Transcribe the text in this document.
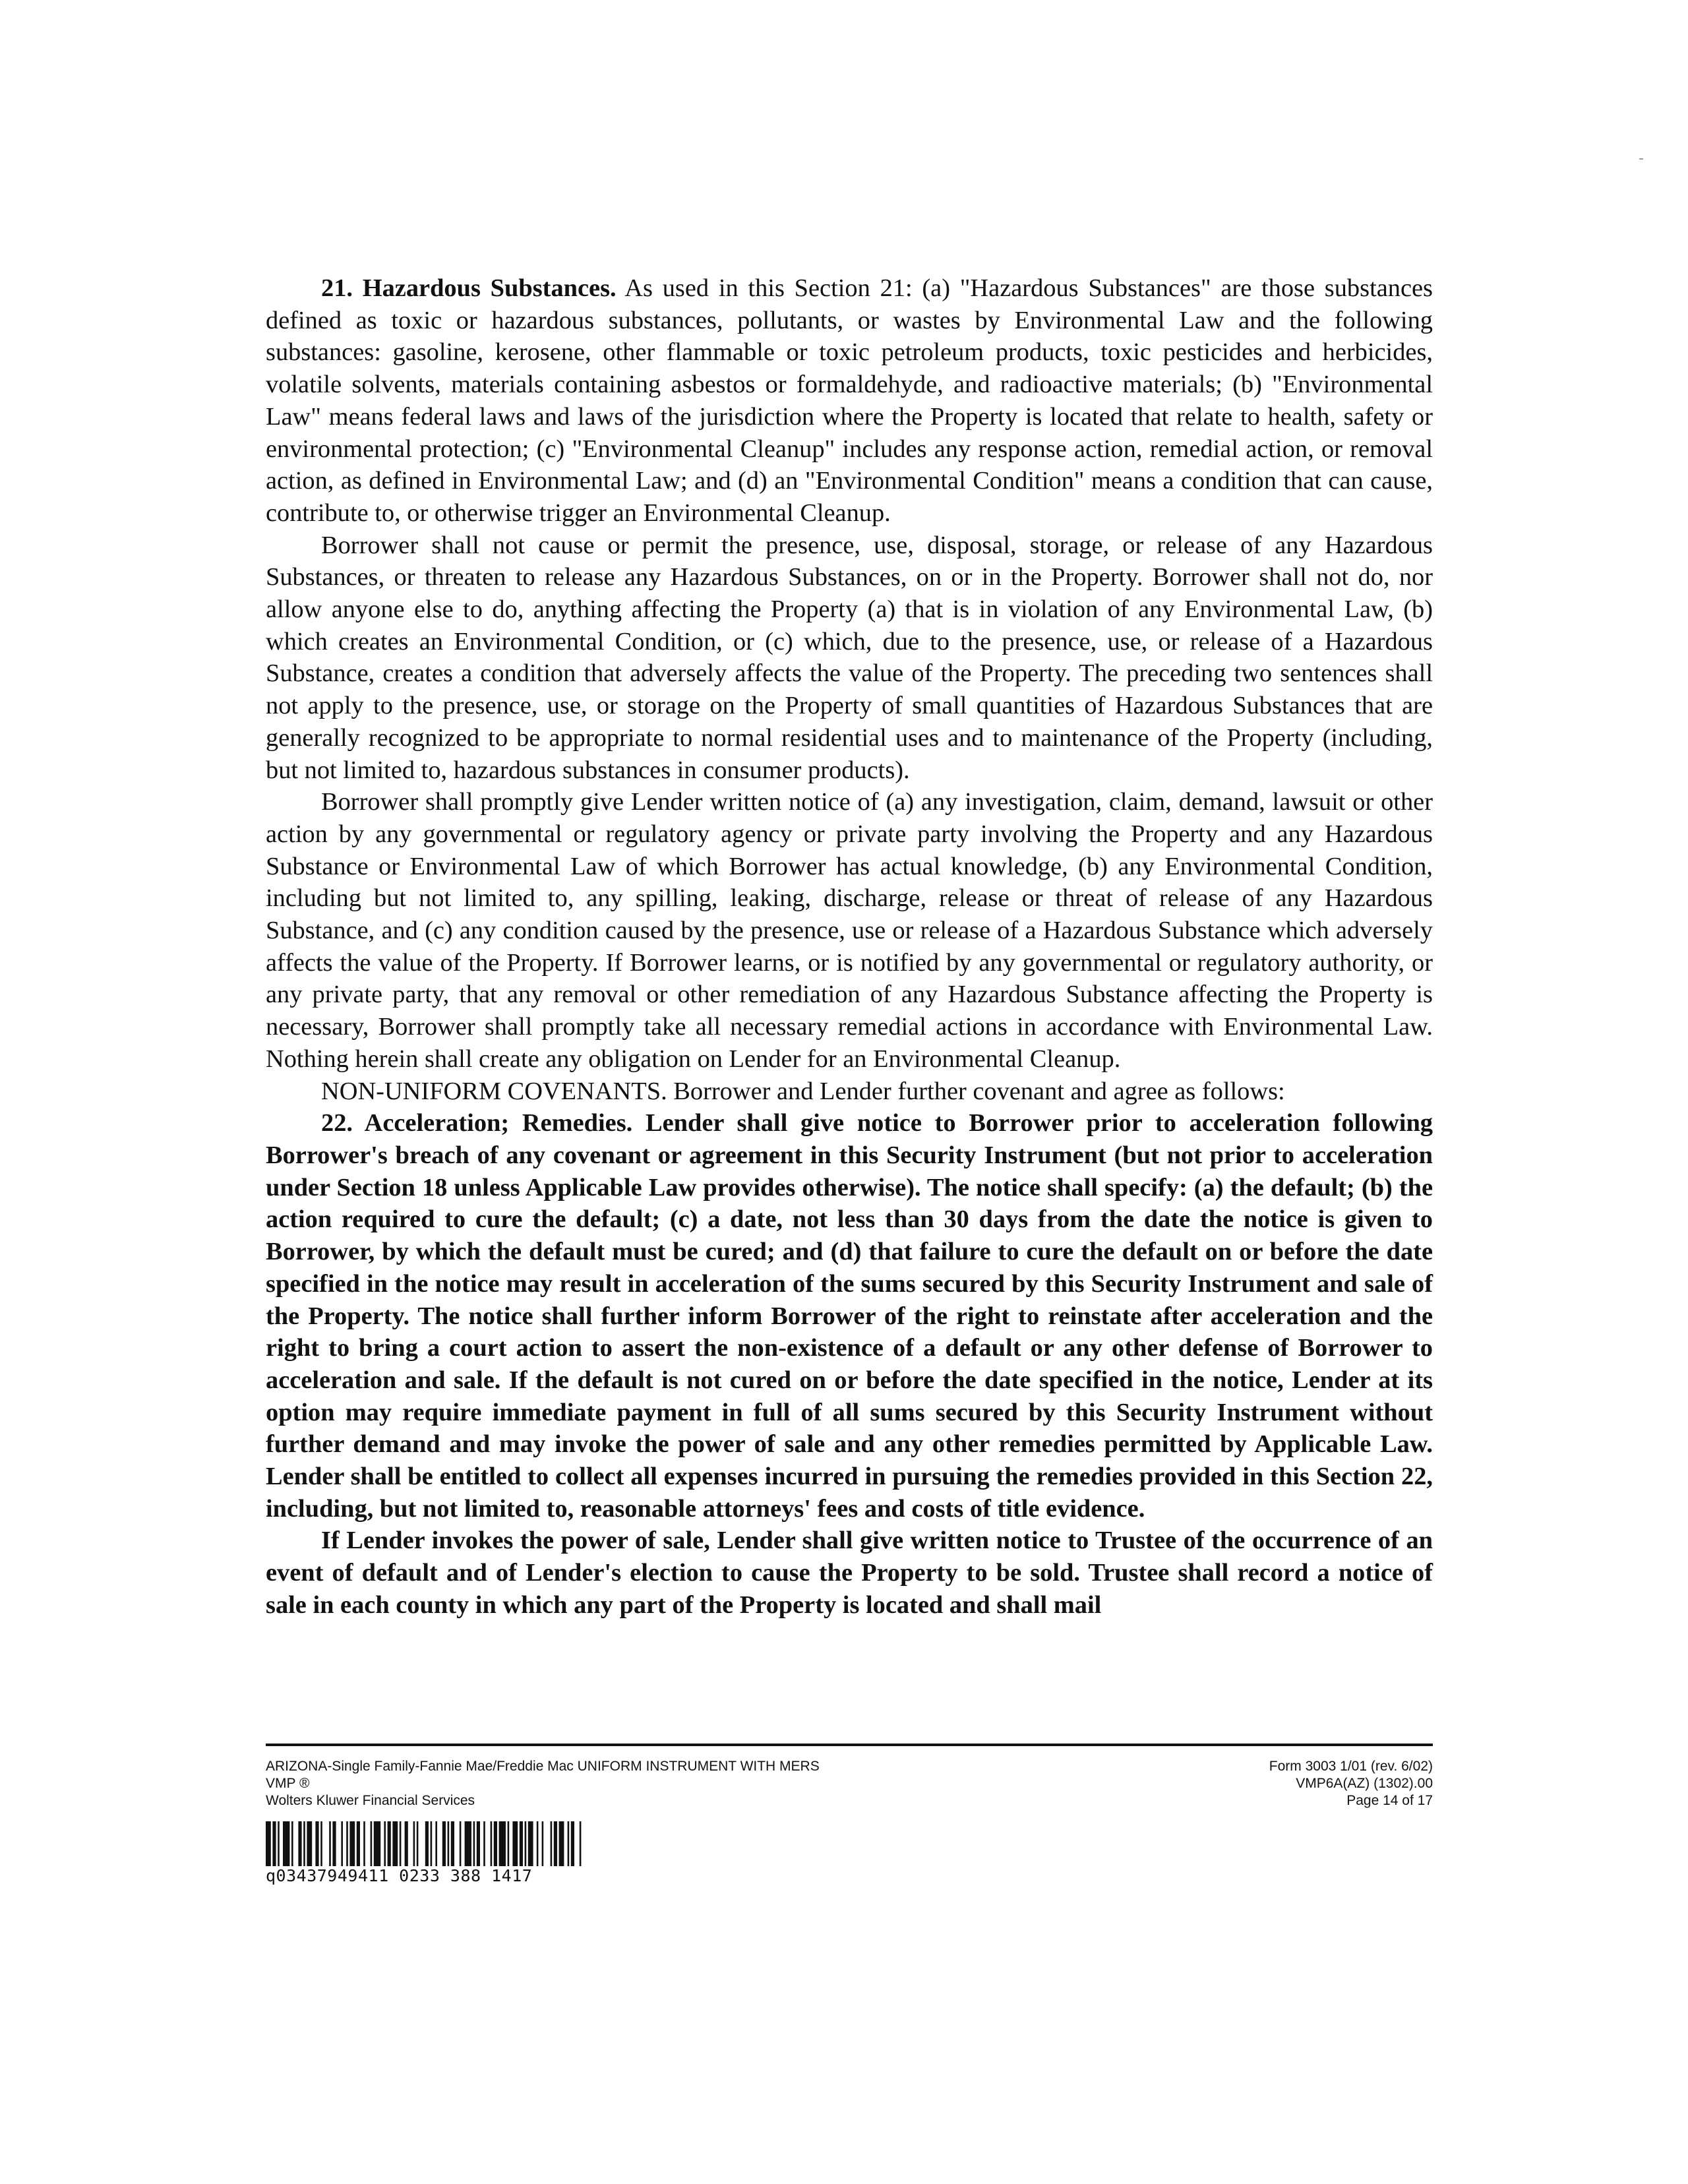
21. Hazardous Substances. As used in this Section 21: (a) "Hazardous Substances" are those substances defined as toxic or hazardous substances, pollutants, or wastes by Environmental Law and the following substances: gasoline, kerosene, other flammable or toxic petroleum products, toxic pesticides and herbicides, volatile solvents, materials containing asbestos or formaldehyde, and radioactive materials; (b) "Environmental Law" means federal laws and laws of the jurisdiction where the Property is located that relate to health, safety or environmental protection; (c) "Environmental Cleanup" includes any response action, remedial action, or removal action, as defined in Environmental Law; and (d) an "Environmental Condition" means a condition that can cause, contribute to, or otherwise trigger an Environmental Cleanup.

Borrower shall not cause or permit the presence, use, disposal, storage, or release of any Hazardous Substances, or threaten to release any Hazardous Substances, on or in the Property. Borrower shall not do, nor allow anyone else to do, anything affecting the Property (a) that is in violation of any Environmental Law, (b) which creates an Environmental Condition, or (c) which, due to the presence, use, or release of a Hazardous Substance, creates a condition that adversely affects the value of the Property. The preceding two sentences shall not apply to the presence, use, or storage on the Property of small quantities of Hazardous Substances that are generally recognized to be appropriate to normal residential uses and to maintenance of the Property (including, but not limited to, hazardous substances in consumer products).

Borrower shall promptly give Lender written notice of (a) any investigation, claim, demand, lawsuit or other action by any governmental or regulatory agency or private party involving the Property and any Hazardous Substance or Environmental Law of which Borrower has actual knowledge, (b) any Environmental Condition, including but not limited to, any spilling, leaking, discharge, release or threat of release of any Hazardous Substance, and (c) any condition caused by the presence, use or release of a Hazardous Substance which adversely affects the value of the Property. If Borrower learns, or is notified by any governmental or regulatory authority, or any private party, that any removal or other remediation of any Hazardous Substance affecting the Property is necessary, Borrower shall promptly take all necessary remedial actions in accordance with Environmental Law. Nothing herein shall create any obligation on Lender for an Environmental Cleanup.

NON-UNIFORM COVENANTS. Borrower and Lender further covenant and agree as follows:

22. Acceleration; Remedies. Lender shall give notice to Borrower prior to acceleration following Borrower's breach of any covenant or agreement in this Security Instrument (but not prior to acceleration under Section 18 unless Applicable Law provides otherwise). The notice shall specify: (a) the default; (b) the action required to cure the default; (c) a date, not less than 30 days from the date the notice is given to Borrower, by which the default must be cured; and (d) that failure to cure the default on or before the date specified in the notice may result in acceleration of the sums secured by this Security Instrument and sale of the Property. The notice shall further inform Borrower of the right to reinstate after acceleration and the right to bring a court action to assert the non-existence of a default or any other defense of Borrower to acceleration and sale. If the default is not cured on or before the date specified in the notice, Lender at its option may require immediate payment in full of all sums secured by this Security Instrument without further demand and may invoke the power of sale and any other remedies permitted by Applicable Law. Lender shall be entitled to collect all expenses incurred in pursuing the remedies provided in this Section 22, including, but not limited to, reasonable attorneys' fees and costs of title evidence.

If Lender invokes the power of sale, Lender shall give written notice to Trustee of the occurrence of an event of default and of Lender's election to cause the Property to be sold. Trustee shall record a notice of sale in each county in which any part of the Property is located and shall mail

ARIZONA-Single Family-Fannie Mae/Freddie Mac UNIFORM INSTRUMENT WITH MERS
VMP ®
Wolters Kluwer Financial Services
Form 3003 1/01 (rev. 6/02)
VMP6A(AZ) (1302).00
Page 14 of 17
q03437949411 0233 388 1417
